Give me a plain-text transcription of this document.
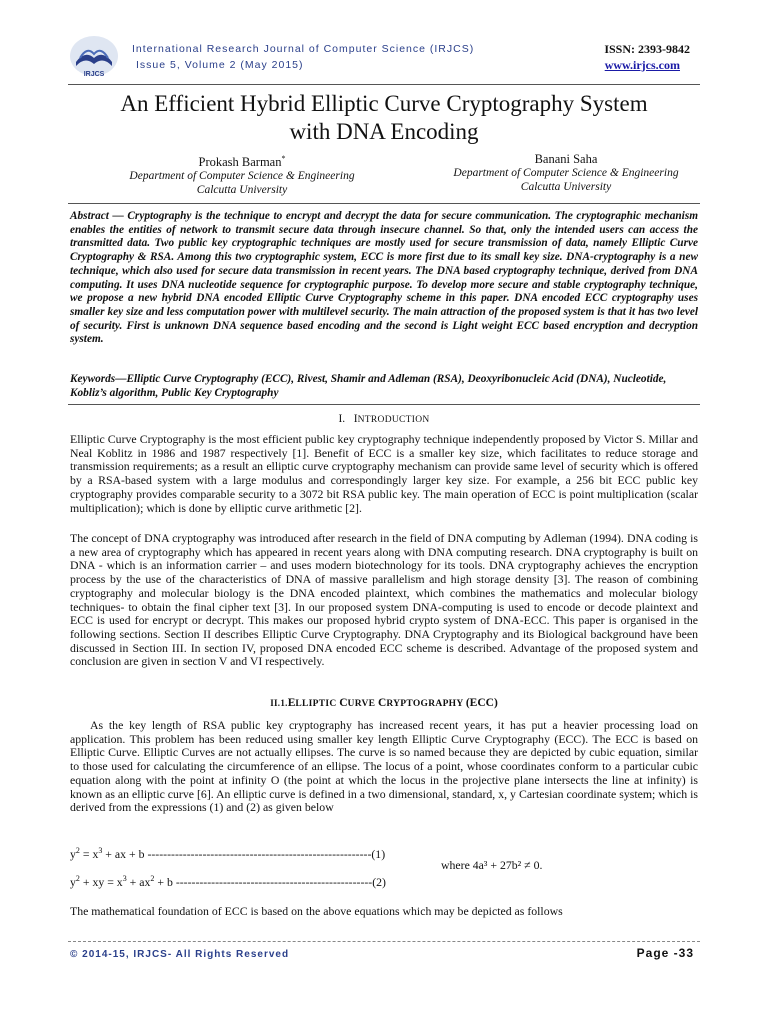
IRJCS
International Research Journal of Computer Science (IRJCS)
Issue 5, Volume 2 (May 2015)
ISSN: 2393-9842
www.irjcs.com
An Efficient Hybrid Elliptic Curve Cryptography System
with DNA Encoding
Prokash Barman*
Department of Computer Science & Engineering
Calcutta University
Banani Saha
Department of Computer Science & Engineering
Calcutta University
Abstract — Cryptography is the technique to encrypt and decrypt the data for secure communication. The cryptographic mechanism enables the entities of network to transmit secure data through insecure channel. So that, only the intended users can access the transmitted data. Two public key cryptographic techniques are mostly used for secure transmission of data, namely Elliptic Curve Cryptography & RSA. Among this two cryptographic system, ECC is more first due to its small key size. DNA-cryptography is a new technique, which also used for secure data transmission in recent years. The DNA based cryptography technique, derived from DNA computing. It uses DNA nucleotide sequence for cryptographic purpose. To develop more secure and stable cryptography technique, we propose a new hybrid DNA encoded Elliptic Curve Cryptography scheme in this paper. DNA encoded ECC cryptography uses smaller key size and less computation power with multilevel security. The main attraction of the proposed system is that it has two level of security. First is unknown DNA sequence based encoding and the second is Light weight ECC based encryption and decryption system.
Keywords—Elliptic Curve Cryptography (ECC), Rivest, Shamir and Adleman (RSA), Deoxyribonucleic Acid (DNA), Nucleotide, Kobliz’s algorithm, Public Key Cryptography
I. INTRODUCTION
Elliptic Curve Cryptography is the most efficient public key cryptography technique independently proposed by Victor S. Millar and Neal Koblitz in 1986 and 1987 respectively [1]. Benefit of ECC is a smaller key size, which facilitates to reduce storage and transmission requirements; as a result an elliptic curve cryptography mechanism can provide same level of security which is offered by a RSA-based system with a large modulus and correspondingly larger key size. For example, a 256 bit ECC public key cryptography provides comparable security to a 3072 bit RSA public key. The main operation of ECC is point multiplication (scalar multiplication); which is done by elliptic curve arithmetic [2].
The concept of DNA cryptography was introduced after research in the field of DNA computing by Adleman (1994). DNA coding is a new area of cryptography which has appeared in recent years along with DNA computing research. DNA cryptography is built on DNA - which is an information carrier – and uses modern biotechnology for its tools. DNA cryptography achieves the encryption process by the use of the characteristics of DNA of massive parallelism and high storage density [3]. The reason of combining cryptography and molecular biology is the DNA encoded plaintext, which combines the mathematics and molecular biology techniques- to obtain the final cipher text [3]. In our proposed system DNA-computing is used to encode or decode plaintext and ECC is used for encrypt or decrypt. This makes our proposed hybrid crypto system of DNA-ECC. This paper is organised in the following sections. Section II describes Elliptic Curve Cryptography. DNA Cryptography and its Biological background have been discussed in Section III. In section IV, proposed DNA encoded ECC scheme is described. Advantage of the proposed system and conclusion are given in section V and VI respectively.
II.1.ELLIPTIC CURVE CRYPTOGRAPHY (ECC)
As the key length of RSA public key cryptography has increased recent years, it has put a heavier processing load on application. This problem has been reduced using smaller key length Elliptic Curve Cryptography (ECC). The ECC is based on Elliptic Curve. Elliptic Curves are not actually ellipses. The curve is so named because they are depicted by cubic equation, similar to those used for calculating the circumference of an ellipse. The locus of a point, whose coordinates conform to a particular cubic equation along with the point at infinity O (the point at which the locus in the projective plane intersects the line at infinity) is known as an elliptic curve [6]. An elliptic curve is defined in a two dimensional, standard, x, y Cartesian coordinate system; which is derived from the expressions (1) and (2) as given below
$y^2 = x^3$ + ax + b ---------------------------------------------------------(1)
$y^2$ + xy = $x^3 + ax^2 + b$ --------------------------------------------------(2)
where 4a³ + 27b² ≠ 0.
The mathematical foundation of ECC is based on the above equations which may be depicted as follows
© 2014-15, IRJCS- All Rights Reserved	Page -33
